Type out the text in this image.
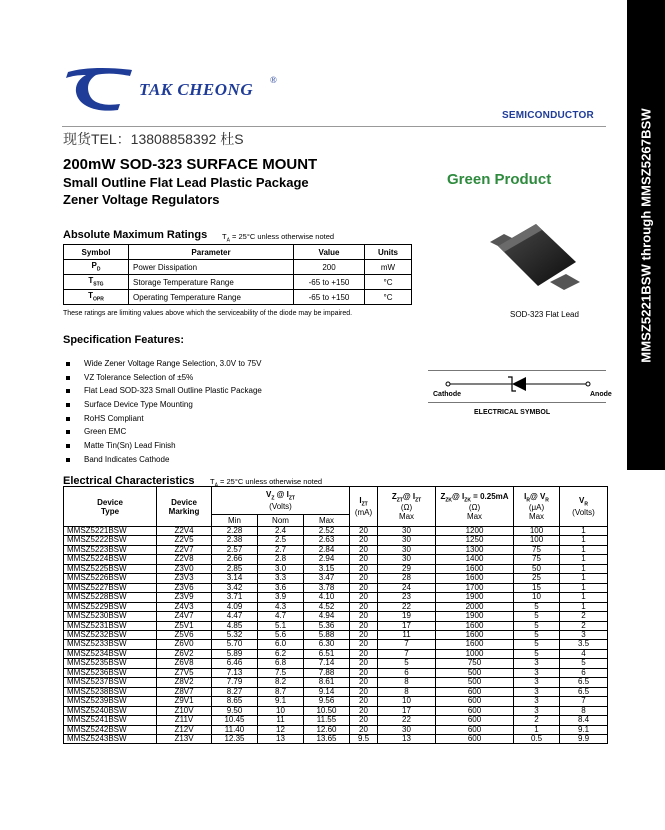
MMSZ5221BSW through MMSZ5267BSW
TAK CHEONG ®
SEMICONDUCTOR
现货TEL：13808858392 杜S
200mW SOD-323 SURFACE MOUNT
Small Outline Flat Lead Plastic Package
Zener Voltage Regulators
Green Product
SOD-323 Flat Lead
Absolute Maximum Ratings $T_A = 25^\circ C$ unless otherwise noted
Symbol	Parameter	Value	Units
$P_D$	Power Dissipation	200	mW
$T_{STG}$	Storage Temperature Range	-65 to +150	°C
$T_{OPR}$	Operating Temperature Range	-65 to +150	°C
These ratings are limiting values above which the serviceability of the diode may be impaired.
Specification Features:
Wide Zener Voltage Range Selection, 3.0V to 75V
VZ Tolerance Selection of ±5%
Flat Lead SOD-323 Small Outline Plastic Package
Surface Device Type Mounting
RoHS Compliant
Green EMC
Matte Tin(Sn) Lead Finish
Band Indicates Cathode
Cathode	Anode
ELECTRICAL SYMBOL
Electrical Characteristics $T_A = 25^\circ C$ unless otherwise noted
Device
Type	Device
Marking	$V_Z$ @ $I_{ZT}$
(Volts)			$I_{ZT}$
(mA)	$Z_{ZT}@$ $I_{ZT}$
(Ω)
Max	$Z_{ZK}@$ $I_{ZK} = 0.25mA$
(Ω)
Max	$I_R@$ $V_R$
(μA)
Max	$V_R$
(Volts)
		Min	Nom	Max					
MMSZ5221BSW	Z2V4	2.28	2.4	2.52	20	30	1200	100	1
MMSZ5222BSW	Z2V5	2.38	2.5	2.63	20	30	1250	100	1
MMSZ5223BSW	Z2V7	2.57	2.7	2.84	20	30	1300	75	1
MMSZ5224BSW	Z2V8	2.66	2.8	2.94	20	30	1400	75	1
MMSZ5225BSW	Z3V0	2.85	3.0	3.15	20	29	1600	50	1
MMSZ5226BSW	Z3V3	3.14	3.3	3.47	20	28	1600	25	1
MMSZ5227BSW	Z3V6	3.42	3.6	3.78	20	24	1700	15	1
MMSZ5228BSW	Z3V9	3.71	3.9	4.10	20	23	1900	10	1
MMSZ5229BSW	Z4V3	4.09	4.3	4.52	20	22	2000	5	1
MMSZ5230BSW	Z4V7	4.47	4.7	4.94	20	19	1900	5	2
MMSZ5231BSW	Z5V1	4.85	5.1	5.36	20	17	1600	5	2
MMSZ5232BSW	Z5V6	5.32	5.6	5.88	20	11	1600	5	3
MMSZ5233BSW	Z6V0	5.70	6.0	6.30	20	7	1600	5	3.5
MMSZ5234BSW	Z6V2	5.89	6.2	6.51	20	7	1000	5	4
MMSZ5235BSW	Z6V8	6.46	6.8	7.14	20	5	750	3	5
MMSZ5236BSW	Z7V5	7.13	7.5	7.88	20	6	500	3	6
MMSZ5237BSW	Z8V2	7.79	8.2	8.61	20	8	500	3	6.5
MMSZ5238BSW	Z8V7	8.27	8.7	9.14	20	8	600	3	6.5
MMSZ5239BSW	Z9V1	8.65	9.1	9.56	20	10	600	3	7
MMSZ5240BSW	Z10V	9.50	10	10.50	20	17	600	3	8
MMSZ5241BSW	Z11V	10.45	11	11.55	20	22	600	2	8.4
MMSZ5242BSW	Z12V	11.40	12	12.60	20	30	600	1	9.1
MMSZ5243BSW	Z13V	12.35	13	13.65	9.5	13	600	0.5	9.9
